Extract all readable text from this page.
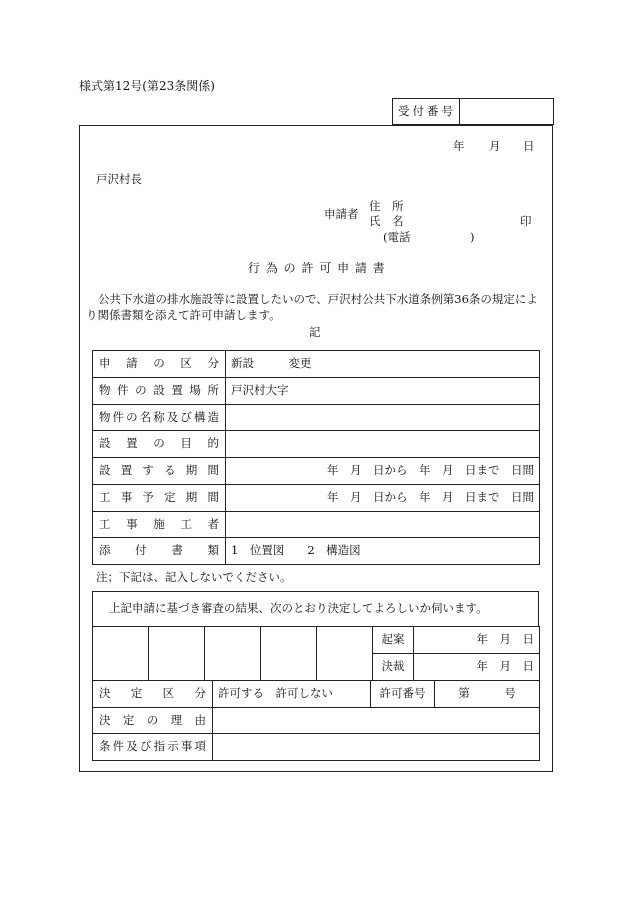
様式第12号(第23条関係)
受付番号	
年 月 日
戸沢村長
申請者
住　所
氏　名	印
(電話	)
行 為 の 許 可 申 請 書
公共下水道の排水施設等に設置したいので、戸沢村公共下水道条例第36条の規定により関係書類を添えて許可申請します。
記
申請の区分	新設　　　変更
物件の設置場所	戸沢村大字
物件の名称及び構造	
設置の目的	
設置する期間	年　月　日から　年　月　日まで　日間
工事予定期間	年　月　日から　年　月　日まで　日間
工事施工者	
添付書類	1　位置図　　2　構造図
注；下記は、記入しないでください。
上記申請に基づき審査の結果、次のとおり決定してよろしいか伺います。
					起案	年　月　日
					決裁	年　月　日
決定区分	許可する　許可しない	許可番号	第　　　号
決定の理由			
条件及び指示事項			
